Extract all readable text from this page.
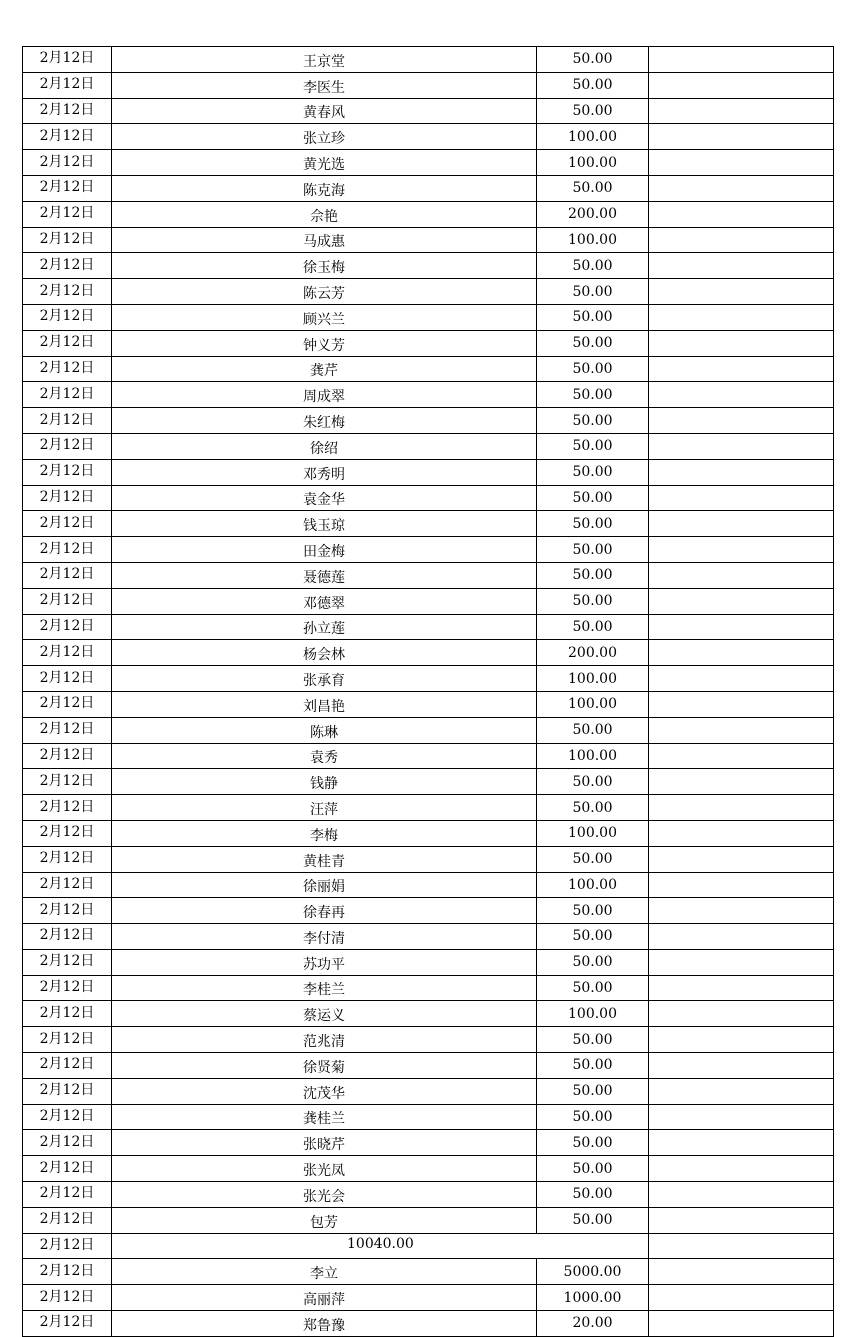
2月12日	王京堂	50.00	
2月12日	李医生	50.00	
2月12日	黄春风	50.00	
2月12日	张立珍	100.00	
2月12日	黄光选	100.00	
2月12日	陈克海	50.00	
2月12日	佘艳	200.00	
2月12日	马成惠	100.00	
2月12日	徐玉梅	50.00	
2月12日	陈云芳	50.00	
2月12日	顾兴兰	50.00	
2月12日	钟义芳	50.00	
2月12日	龚芹	50.00	
2月12日	周成翠	50.00	
2月12日	朱红梅	50.00	
2月12日	徐绍	50.00	
2月12日	邓秀明	50.00	
2月12日	袁金华	50.00	
2月12日	钱玉琼	50.00	
2月12日	田金梅	50.00	
2月12日	聂德莲	50.00	
2月12日	邓德翠	50.00	
2月12日	孙立莲	50.00	
2月12日	杨会林	200.00	
2月12日	张承育	100.00	
2月12日	刘昌艳	100.00	
2月12日	陈琳	50.00	
2月12日	袁秀	100.00	
2月12日	钱静	50.00	
2月12日	汪萍	50.00	
2月12日	李梅	100.00	
2月12日	黄桂青	50.00	
2月12日	徐丽娟	100.00	
2月12日	徐春再	50.00	
2月12日	李付清	50.00	
2月12日	苏功平	50.00	
2月12日	李桂兰	50.00	
2月12日	蔡运义	100.00	
2月12日	范兆清	50.00	
2月12日	徐贤菊	50.00	
2月12日	沈茂华	50.00	
2月12日	龚桂兰	50.00	
2月12日	张晓芹	50.00	
2月12日	张光凤	50.00	
2月12日	张光会	50.00	
2月12日	包芳	50.00	
2月12日	10040.00		
2月12日	李立	5000.00	
2月12日	高丽萍	1000.00	
2月12日	郑鲁豫	20.00	
